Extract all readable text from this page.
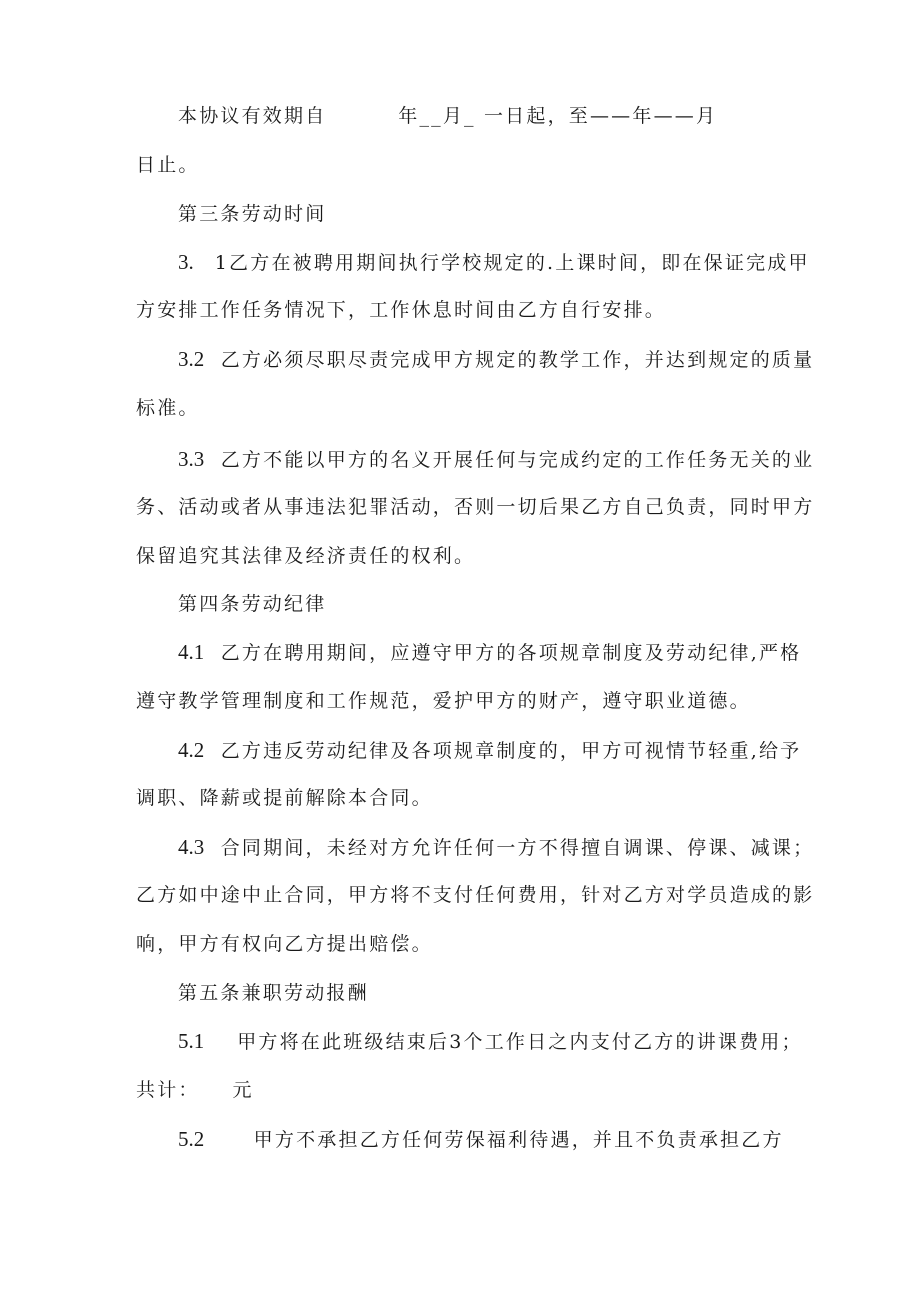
本协议有效期自　　　 年__月_ 一日起，至——年——月
日止。
第三条劳动时间
3.　1乙方在被聘用期间执行学校规定的.上课时间，即在保证完成甲
方安排工作任务情况下，工作休息时间由乙方自行安排。
3.2  乙方必须尽职尽责完成甲方规定的教学工作，并达到规定的质量
标准。
3.3  乙方不能以甲方的名义开展任何与完成约定的工作任务无关的业
务、活动或者从事违法犯罪活动，否则一切后果乙方自己负责，同时甲方
保留追究其法律及经济责任的权利。
第四条劳动纪律
4.1  乙方在聘用期间，应遵守甲方的各项规章制度及劳动纪律,严格
遵守教学管理制度和工作规范，爱护甲方的财产，遵守职业道德。
4.2  乙方违反劳动纪律及各项规章制度的，甲方可视情节轻重,给予
调职、降薪或提前解除本合同。
4.3  合同期间，未经对方允许任何一方不得擅自调课、停课、减课；
乙方如中途中止合同，甲方将不支付任何费用，针对乙方对学员造成的影
响，甲方有权向乙方提出赔偿。
第五条兼职劳动报酬
5.1    甲方将在此班级结束后3个工作日之内支付乙方的讲课费用；
共计：　　元
5.2      甲方不承担乙方任何劳保福利待遇，并且不负责承担乙方
